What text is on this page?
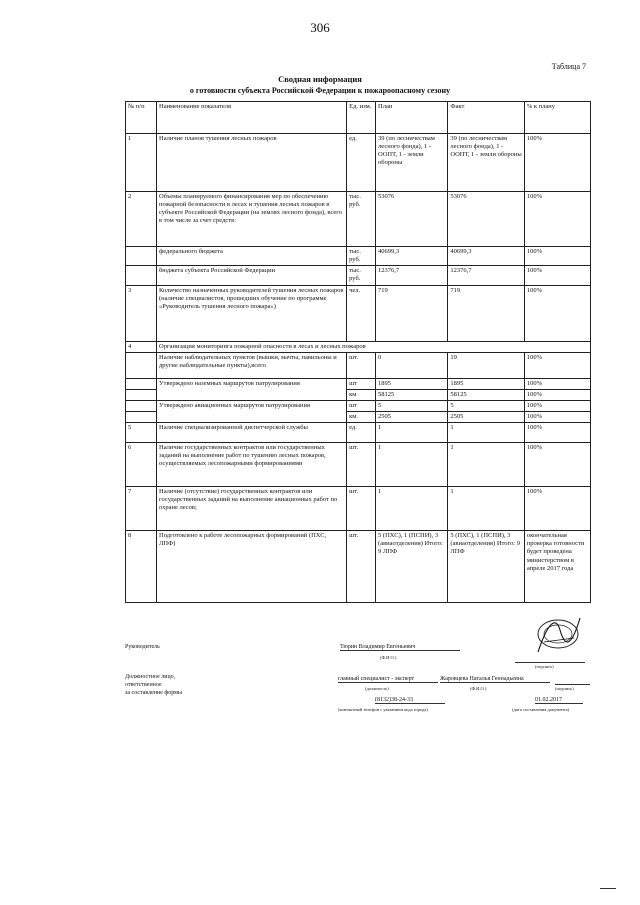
306
Таблица 7
Сводная информация
о готовности субъекта Российской Федерации к пожароопасному сезону
№ п/п	Наименование показателя	Ед. изм.	План	Факт	% к плану
1	Наличие планов тушения лесных пожаров	ед.	39 (по лесничествам лесного фонда), 1 - ООПТ, 1 - земли обороны	39 (по лесничествам лесного фонда), 1 - ООПТ, 1 - земли обороны	100%
2	Объемы планируемого финансирования мер по обеспечению пожарной безопасности в лесах и тушения лесных пожаров в субъекте Российской Федерации (на землях лесного фонда), всего в том числе за счет средств:	тыс. руб.	53076	53076	100%
	федерального бюджета	тыс. руб.	40699,3	40699,3	100%
	бюджета субъекта Российской Федерации	тыс. руб.	12376,7	12376,7	100%
3	Количество назначенных руководителей тушения лесных пожаров (наличие специалистов, прошедших обучение по программе «Руководитель тушения лесного пожара»)	чел.	719	719	100%
4	Организация мониторинга пожарной опасности в лесах и лесных пожаров				
	Наличие наблюдательных пунктов (вышки, мачты, павильоны и другие наблюдательные пункты),всего	шт.	0	19	100%
	Утверждено наземных маршрутов патрулирования	шт	1895	1895	100%
		км	58125	58125	100%
	Утверждено авиационных маршрутов патрулирования	шт	5	5	100%
		км.	2505	2505	100%
5	Наличие специализированной диспетчерской службы	ед.	1	1	100%
6	Наличие государственных контрактов или государственных заданий на выполнение работ по тушению лесных пожаров, осуществляемых лесопожарными формированиями	шт.	1	1	100%
7	Наличие (отсутствие) государственных контрактов или государственных заданий на выполнение авиационных работ по охране лесов;	шт.	1	1	100%
8	Подготовлено к работе лесопожарных формирований (ПХС, ЛПФ)	шт.	5 (ПХС), 1 (ПСПИ), 3 (авиаотделения) Итого: 9 ЛПФ	5 (ПХС), 1 (ПСПИ), 3 (авиаотделения) Итого: 9 ЛПФ	окончательная проверка готовности будет проведена министерством в апреле 2017 года
Руководитель	Тюрин Владимир Евгеньевич
(Ф.И.О.)
(подпись)
Должностное лицо,
ответственное
за составление формы
главный специалист - эксперт	Жаровцева Наталья Геннадьевна
(должность)	(Ф.И.О.)	(подпись)
(8132)38-24-33
(контактный телефон с указанием кода города)
01.02.2017
(дата составления документа)
